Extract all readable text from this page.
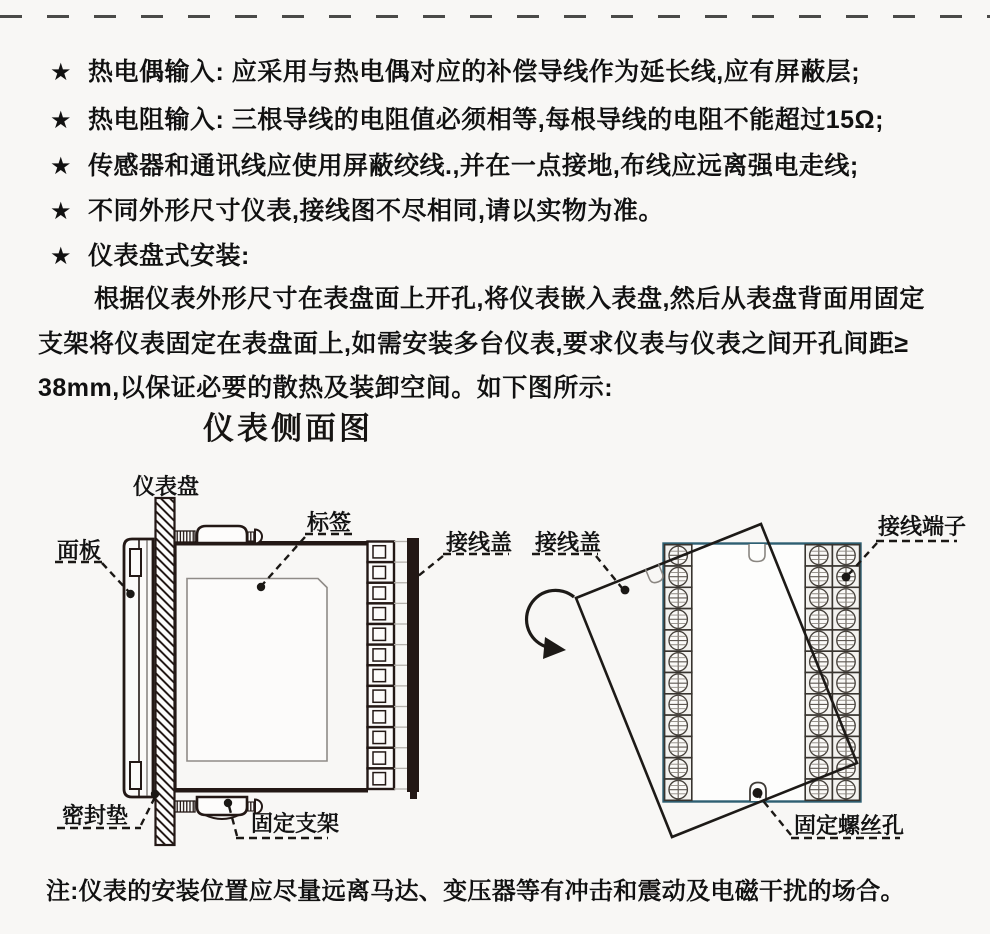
★ 热电偶输入: 应采用与热电偶对应的补偿导线作为延长线,应有屏蔽层;
★ 热电阻输入: 三根导线的电阻值必须相等,每根导线的电阻不能超过15Ω;
★ 传感器和通讯线应使用屏蔽绞线.,并在一点接地,布线应远离强电走线;
★ 不同外形尺寸仪表,接线图不尽相同,请以实物为准。
★ 仪表盘式安装:
根据仪表外形尺寸在表盘面上开孔,将仪表嵌入表盘,然后从表盘背面用固定
支架将仪表固定在表盘面上,如需安装多台仪表,要求仪表与仪表之间开孔间距≥
38mm,以保证必要的散热及装卸空间。如下图所示:
仪表侧面图
仪表盘
面板
标签
接线盖
密封垫	固定支架
接线盖
接线端子
固定螺丝孔
注:仪表的安装位置应尽量远离马达、变压器等有冲击和震动及电磁干扰的场合。
